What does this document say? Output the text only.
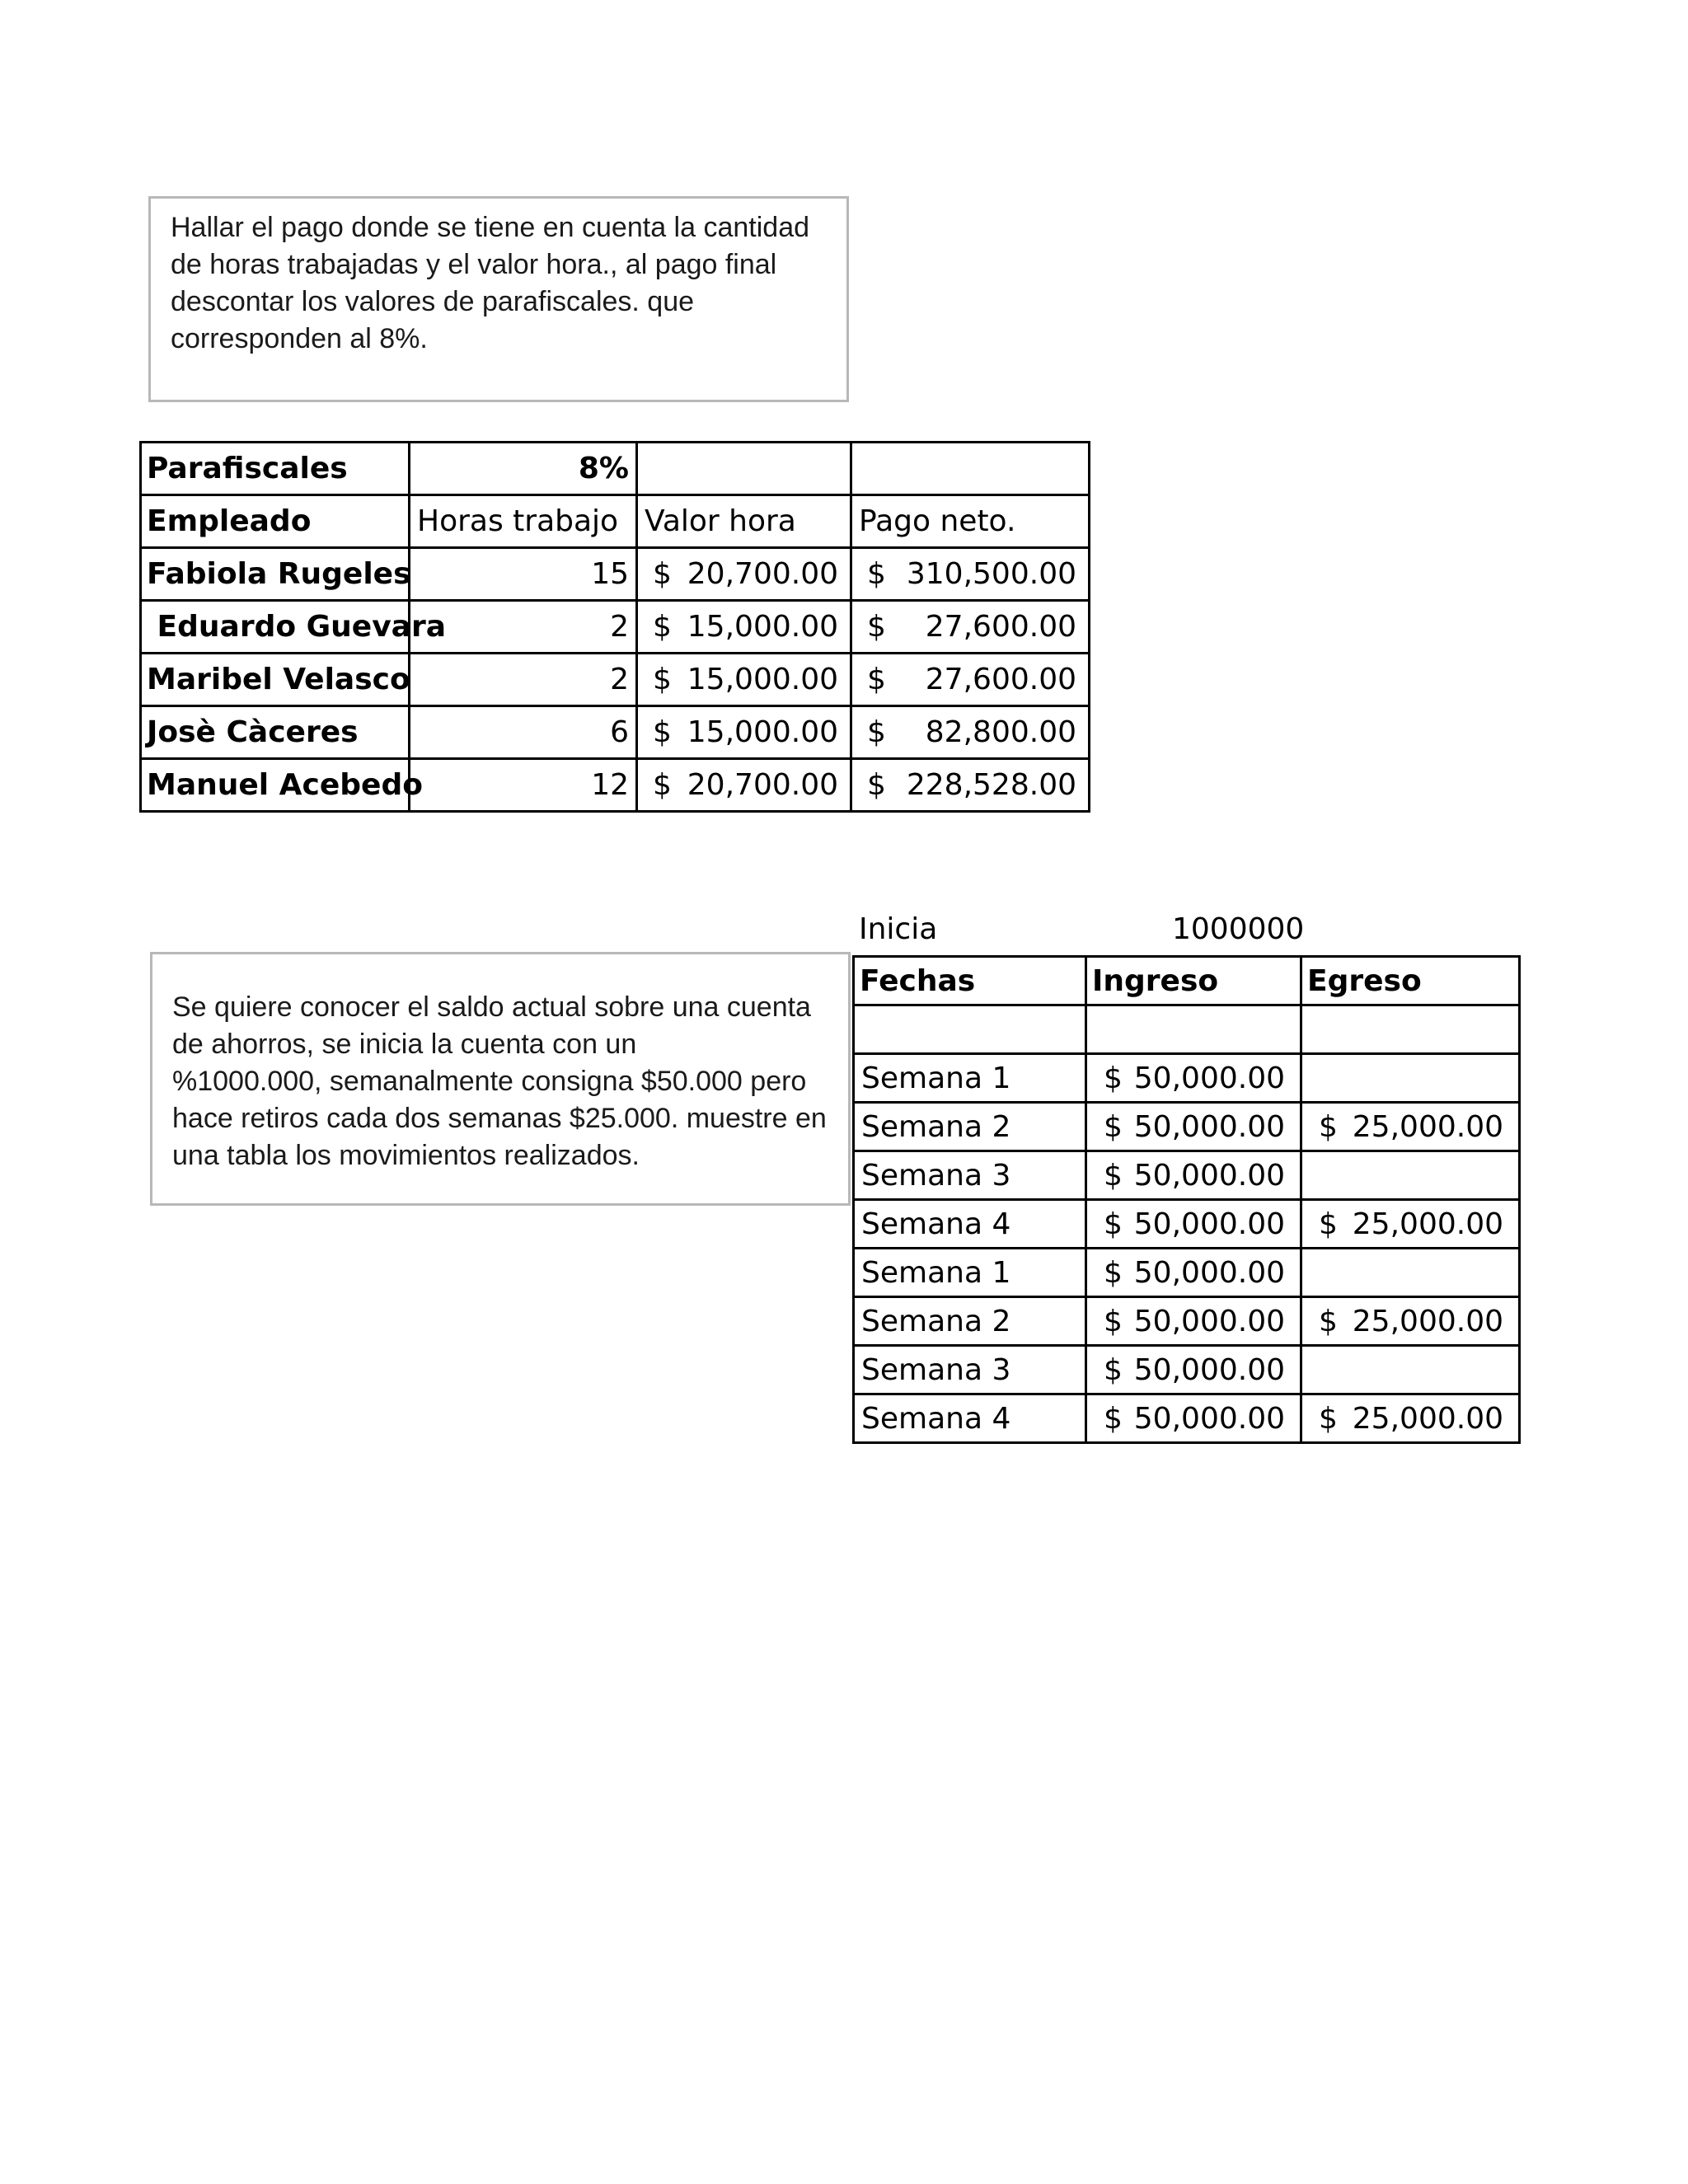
Hallar el pago donde se tiene en cuenta la cantidad
de horas trabajadas y el valor hora., al pago final
descontar los valores de parafiscales. que
corresponden al 8%.
Parafiscales	8%		
Empleado	Horas trabajo	Valor hora	Pago neto.
Fabiola Rugeles	15	$ 20,700.00	$ 310,500.00

Eduardo Guevara	2	$ 15,000.00	$ 27,600.00

Maribel Velasco	2	$ 15,000.00	$ 27,600.00

Josè Càceres	6	$ 15,000.00	$ 82,800.00

Manuel Acebedo	12	$ 20,700.00	$ 228,528.00
Se quiere conocer el saldo actual sobre una cuenta
de ahorros, se inicia la cuenta con un
%1000.000, semanalmente consigna $50.000 pero
hace retiros cada dos semanas $25.000. muestre en
una tabla los movimientos realizados.
Inicia	1000000
Fechas	Ingreso	Egreso

Semana 1	$ 50,000.00	

Semana 2	$ 50,000.00	$ 25,000.00

Semana 3	$ 50,000.00	

Semana 4	$ 50,000.00	$ 25,000.00

Semana 1	$ 50,000.00	

Semana 2	$ 50,000.00	$ 25,000.00

Semana 3	$ 50,000.00	

Semana 4	$ 50,000.00	$ 25,000.00
